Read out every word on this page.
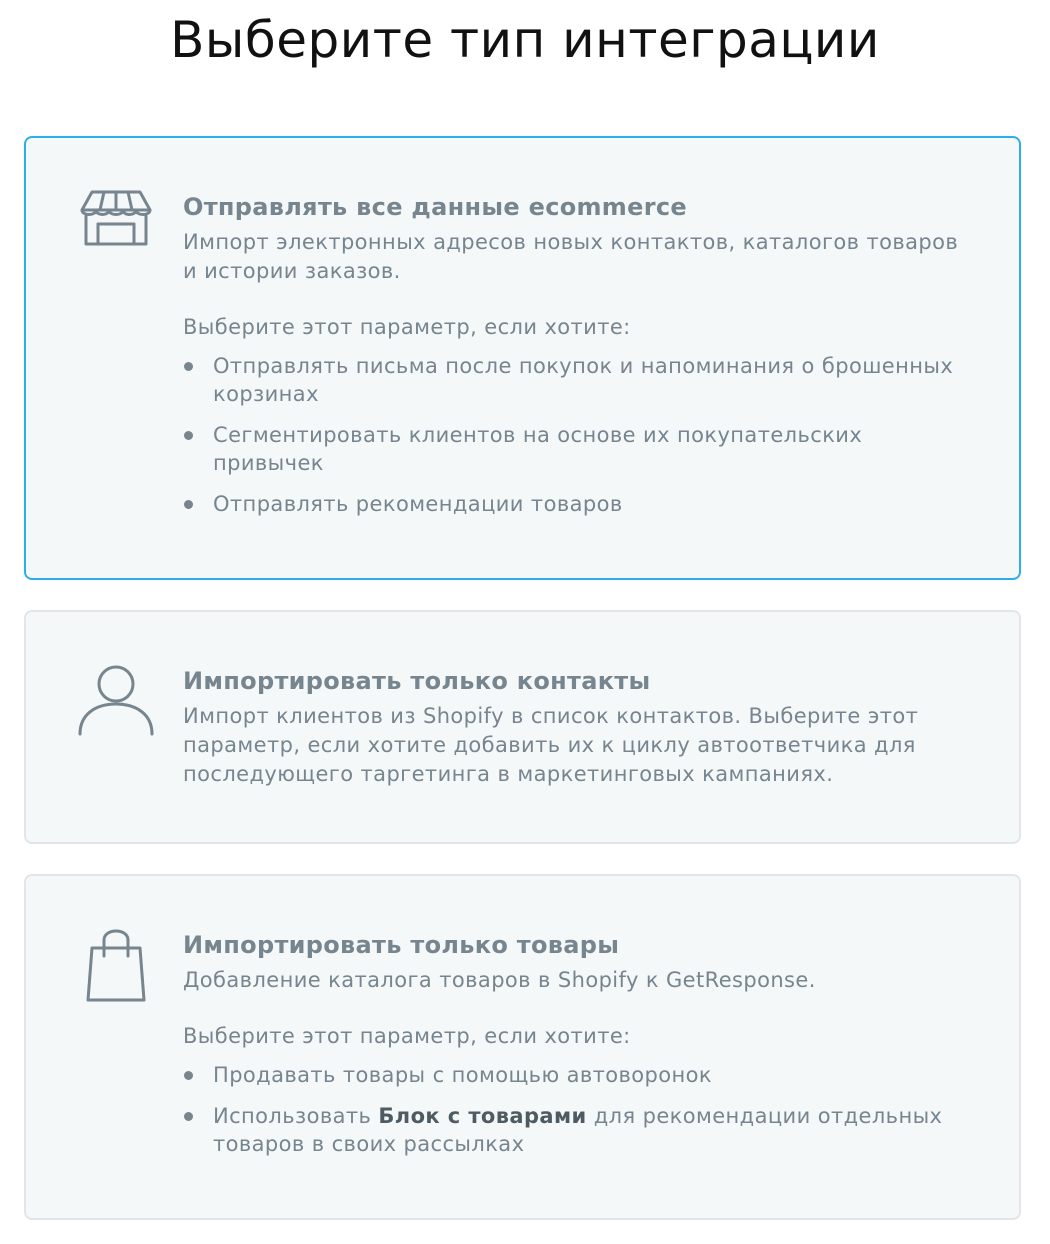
Выберите тип интеграции
Отправлять все данные ecommerce

Импорт электронных адресов новых контактов, каталогов товаров и истории заказов.

Выберите этот параметр, если хотите:

Отправлять письма после покупок и напоминания о брошенных корзинах
Сегментировать клиентов на основе их покупательских привычек
Отправлять рекомендации товаров
Импортировать только контакты

Импорт клиентов из Shopify в список контактов. Выберите этот параметр, если хотите добавить их к циклу автоответчика для последующего таргетинга в маркетинговых кампаниях.

Импортировать только товары

Добавление каталога товаров в Shopify к GetResponse.

Выберите этот параметр, если хотите:

Продавать товары с помощью автоворонок
Использовать Блок с товарами для рекомендации отдельных товаров в своих рассылках
